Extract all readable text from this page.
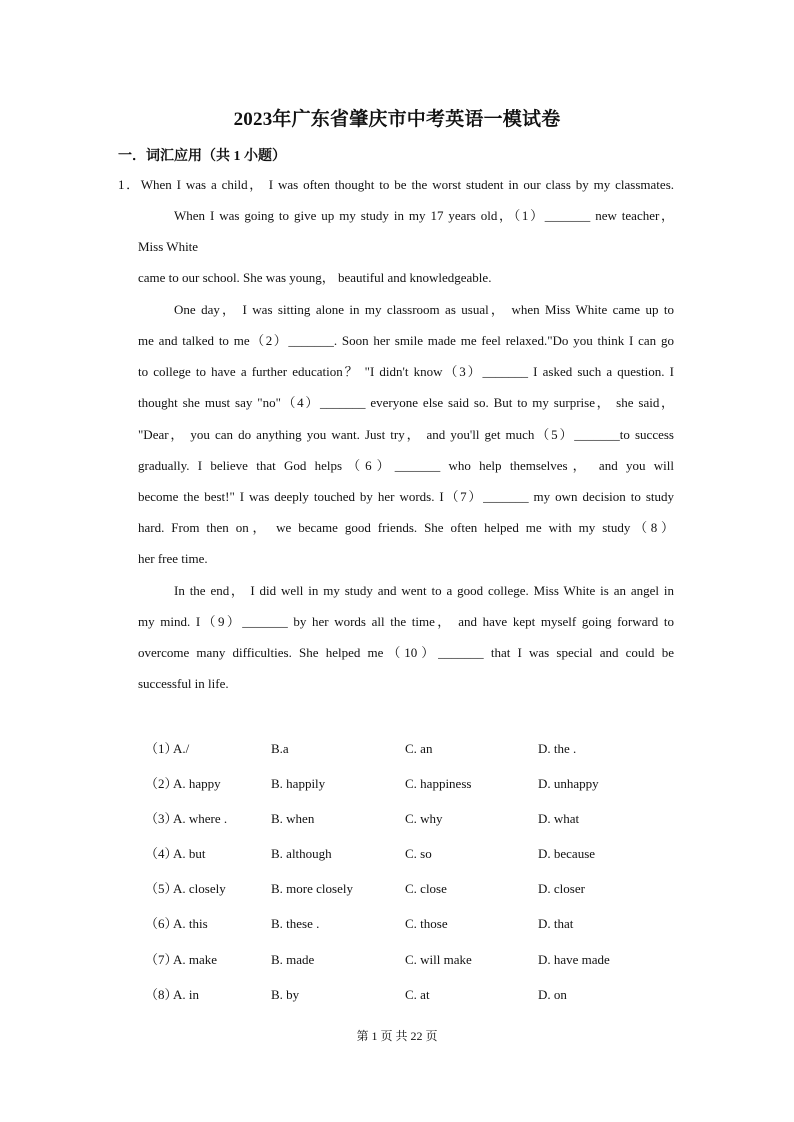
2023年广东省肇庆市中考英语一模试卷
一．词汇应用（共 1 小题）
1．When I was a child， I was often thought to be the worst student in our class by my classmates.
When I was going to give up my study in my 17 years old，（1）_______ new teacher，
Miss White
came to our school. She was young， beautiful and knowledgeable.
One day， I was sitting alone in my classroom as usual， when Miss White came up to
me and talked to me（2）_______. Soon her smile made me feel relaxed."Do you think I can go
to college to have a further education？ "I didn't know（3）_______ I asked such a question. I
thought she must say "no"（4）_______ everyone else said so. But to my surprise， she said，
"Dear， you can do anything you want. Just try， and you'll get much（5）_______to success
gradually. I believe that God helps（6）_______ who help themselves， and you will
become the best!" I was deeply touched by her words. I（7）_______ my own decision to study
hard. From then on， we became good friends. She often helped me with my study（8）
her free time.
In the end， I did well in my study and went to a good college. Miss White is an angel in
my mind. I（9）_______ by her words all the time， and have kept myself going forward to
overcome many difficulties. She helped me（10）_______ that I was special and could be
successful in life.
（1）
A./	B.a	C. an	D. the .
（2）
A. happy	B. happily	C. happiness	D. unhappy
（3）
A. where .	B. when	C. why	D. what
（4）
A. but	B. although	C. so	D. because
（5）
A. closely	B. more closely	C. close	D. closer
（6）
A. this	B. these .	C. those	D. that
（7）
A. make	B. made	C. will make	D. have made
（8）
A. in	B. by	C. at	D. on
第 1 页 共 22 页
